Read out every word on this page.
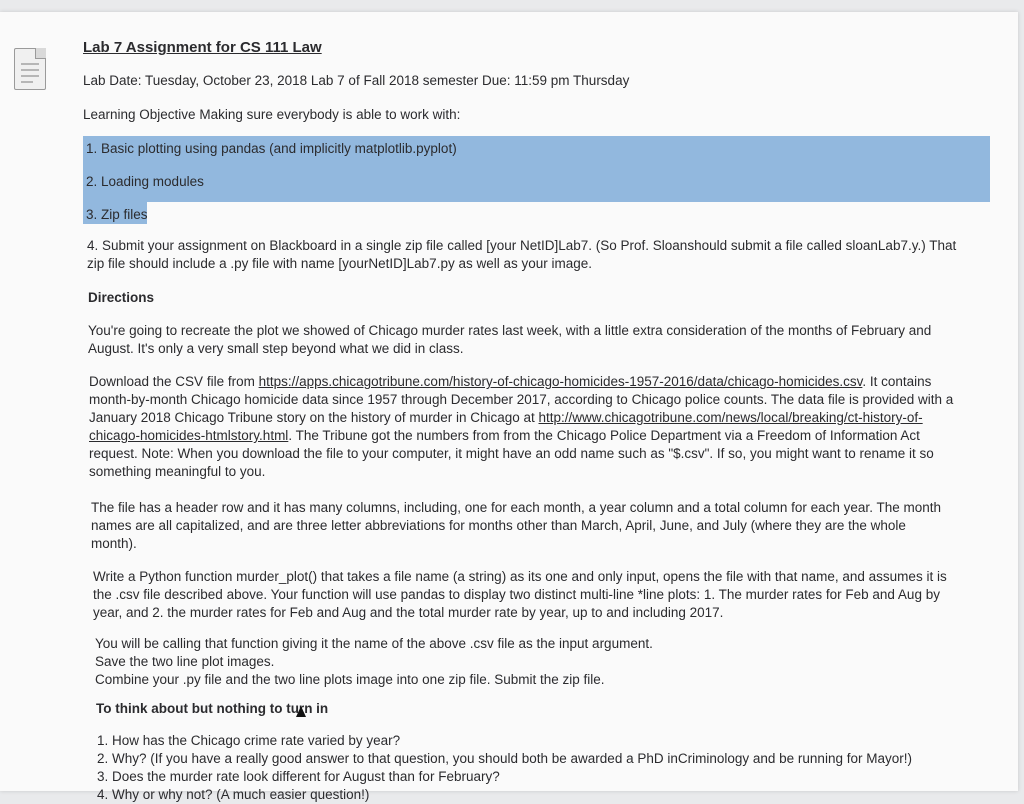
Lab 7 Assignment for CS 111 Law
Lab Date: Tuesday, October 23, 2018 Lab 7 of Fall 2018 semester Due: 11:59 pm Thursday
Learning Objective Making sure everybody is able to work with:
1. Basic plotting using pandas (and implicitly matplotlib.pyplot)
2. Loading modules
3. Zip files
4. Submit your assignment on Blackboard in a single zip file called [your NetID]Lab7. (So Prof. Sloanshould submit a file called sloanLab7.y.) That
zip file should include a .py file with name [yourNetID]Lab7.py as well as your image.
Directions
You're going to recreate the plot we showed of Chicago murder rates last week, with a little extra consideration of the months of February and
August. It's only a very small step beyond what we did in class.
Download the CSV file from https://apps.chicagotribune.com/history-of-chicago-homicides-1957-2016/data/chicago-homicides.csv. It contains
month-by-month Chicago homicide data since 1957 through December 2017, according to Chicago police counts. The data file is provided with a
January 2018 Chicago Tribune story on the history of murder in Chicago at http://www.chicagotribune.com/news/local/breaking/ct-history-of-
chicago-homicides-htmlstory.html. The Tribune got the numbers from from the Chicago Police Department via a Freedom of Information Act
request. Note: When you download the file to your computer, it might have an odd name such as "$.csv". If so, you might want to rename it so
something meaningful to you.
The file has a header row and it has many columns, including, one for each month, a year column and a total column for each year. The month
names are all capitalized, and are three letter abbreviations for months other than March, April, June, and July (where they are the whole
month).
Write a Python function murder_plot() that takes a file name (a string) as its one and only input, opens the file with that name, and assumes it is
the .csv file described above. Your function will use pandas to display two distinct multi-line *line plots: 1. The murder rates for Feb and Aug by
year, and 2. the murder rates for Feb and Aug and the total murder rate by year, up to and including 2017.
You will be calling that function giving it the name of the above .csv file as the input argument.
Save the two line plot images.
Combine your .py file and the two line plots image into one zip file. Submit the zip file.
To think about but nothing to turn in
1. How has the Chicago crime rate varied by year?
2. Why? (If you have a really good answer to that question, you should both be awarded a PhD inCriminology and be running for Mayor!)
3. Does the murder rate look different for August than for February?
4. Why or why not? (A much easier question!)
